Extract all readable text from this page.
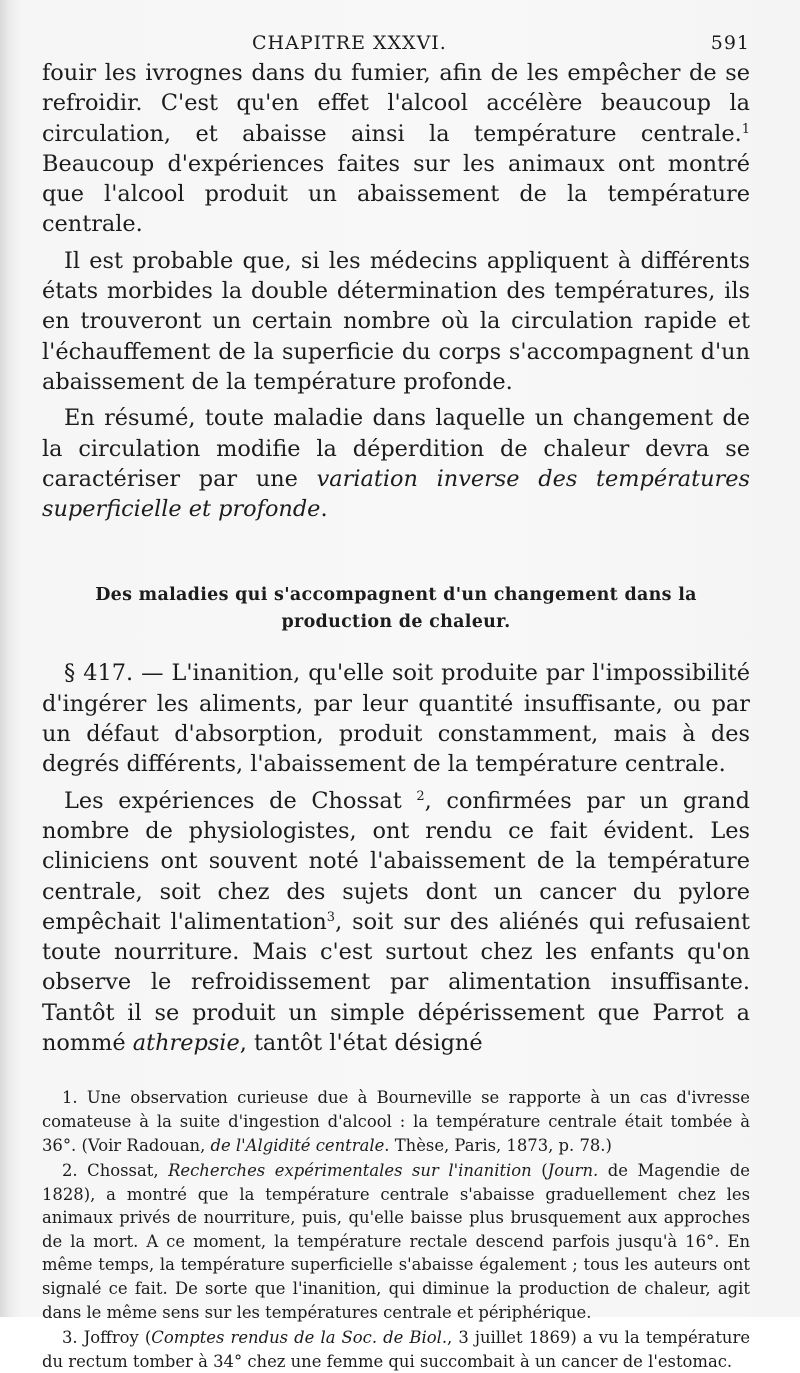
CHAPITRE XXXVI.	591

fouir les ivrognes dans du fumier, afin de les empêcher de se refroidir. C'est qu'en effet l'alcool accélère beaucoup la circulation, et abaisse ainsi la température centrale.$^1$ Beaucoup d'expériences faites sur les animaux ont montré que l'alcool produit un abaissement de la température centrale.

Il est probable que, si les médecins appliquent à différents états morbides la double détermination des températures, ils en trouveront un certain nombre où la circulation rapide et l'échauffement de la superficie du corps s'accompagnent d'un abaissement de la température profonde.

En résumé, toute maladie dans laquelle un changement de la circulation modifie la déperdition de chaleur devra se caractériser par une variation inverse des températures superficielle et profonde.

Des maladies qui s'accompagnent d'un changement dans la production de chaleur.

§ 417. — L'inanition, qu'elle soit produite par l'impossibilité d'ingérer les aliments, par leur quantité insuffisante, ou par un défaut d'absorption, produit constamment, mais à des degrés différents, l'abaissement de la température centrale.

Les expériences de Chossat $^2$, confirmées par un grand nombre de physiologistes, ont rendu ce fait évident. Les cliniciens ont souvent noté l'abaissement de la température centrale, soit chez des sujets dont un cancer du pylore empêchait l'alimentation$^3$, soit sur des aliénés qui refusaient toute nourriture. Mais c'est surtout chez les enfants qu'on observe le refroidissement par alimentation insuffisante. Tantôt il se produit un simple dépérissement que Parrot a nommé athrepsie, tantôt l'état désigné

1. Une observation curieuse due à Bourneville se rapporte à un cas d'ivresse comateuse à la suite d'ingestion d'alcool : la température centrale était tombée à 36°. (Voir Radouan, de l'Algidité centrale. Thèse, Paris, 1873, p. 78.)

2. Chossat, Recherches expérimentales sur l'inanition (Journ. de Magendie de 1828), a montré que la température centrale s'abaisse graduellement chez les animaux privés de nourriture, puis, qu'elle baisse plus brusquement aux approches de la mort. A ce moment, la température rectale descend parfois jusqu'à 16°. En même temps, la température superficielle s'abaisse également ; tous les auteurs ont signalé ce fait. De sorte que l'inanition, qui diminue la production de chaleur, agit dans le même sens sur les températures centrale et périphérique.

3. Joffroy (Comptes rendus de la Soc. de Biol., 3 juillet 1869) a vu la température du rectum tomber à 34° chez une femme qui succombait à un cancer de l'estomac.
